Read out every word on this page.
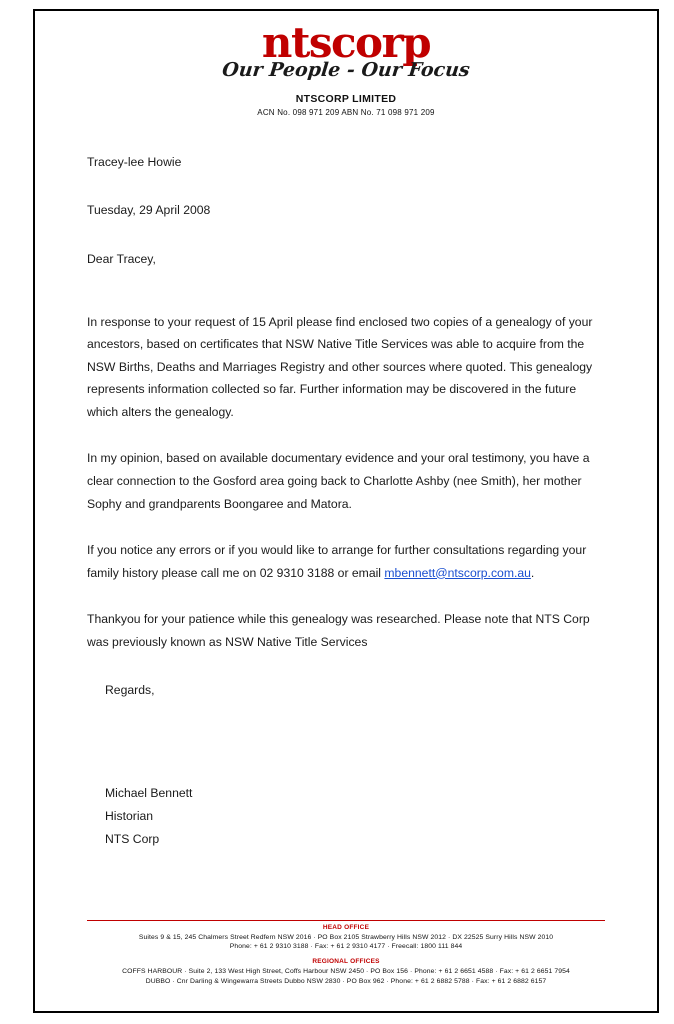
ntscorp
Our People - Our Focus
NTSCORP LIMITED
ACN No. 098 971 209 ABN No. 71 098 971 209

Tracey-lee Howie

Tuesday, 29 April 2008

Dear Tracey,

In response to your request of 15 April please find enclosed two copies of a genealogy of your ancestors, based on certificates that NSW Native Title Services was able to acquire from the NSW Births, Deaths and Marriages Registry and other sources where quoted. This genealogy represents information collected so far. Further information may be discovered in the future which alters the genealogy.

In my opinion, based on available documentary evidence and your oral testimony, you have a clear connection to the Gosford area going back to Charlotte Ashby (nee Smith), her mother Sophy and grandparents Boongaree and Matora.

If you notice any errors or if you would like to arrange for further consultations regarding your family history please call me on 02 9310 3188 or email mbennett@ntscorp.com.au.

Thankyou for your patience while this genealogy was researched. Please note that NTS Corp was previously known as NSW Native Title Services

Regards,

Michael Bennett
Historian
NTS Corp
HEAD OFFICE
Suites 9 & 15, 245 Chalmers Street Redfern NSW 2016 · PO Box 2105 Strawberry Hills NSW 2012 · DX 22525 Surry Hills NSW 2010
Phone: + 61 2 9310 3188 · Fax: + 61 2 9310 4177 · Freecall: 1800 111 844
REGIONAL OFFICES
COFFS HARBOUR · Suite 2, 133 West High Street, Coffs Harbour NSW 2450 · PO Box 156 · Phone: + 61 2 6651 4588 · Fax: + 61 2 6651 7954
DUBBO · Cnr Darling & Wingewarra Streets Dubbo NSW 2830 · PO Box 962 · Phone: + 61 2 6882 5788 · Fax: + 61 2 6882 6157
